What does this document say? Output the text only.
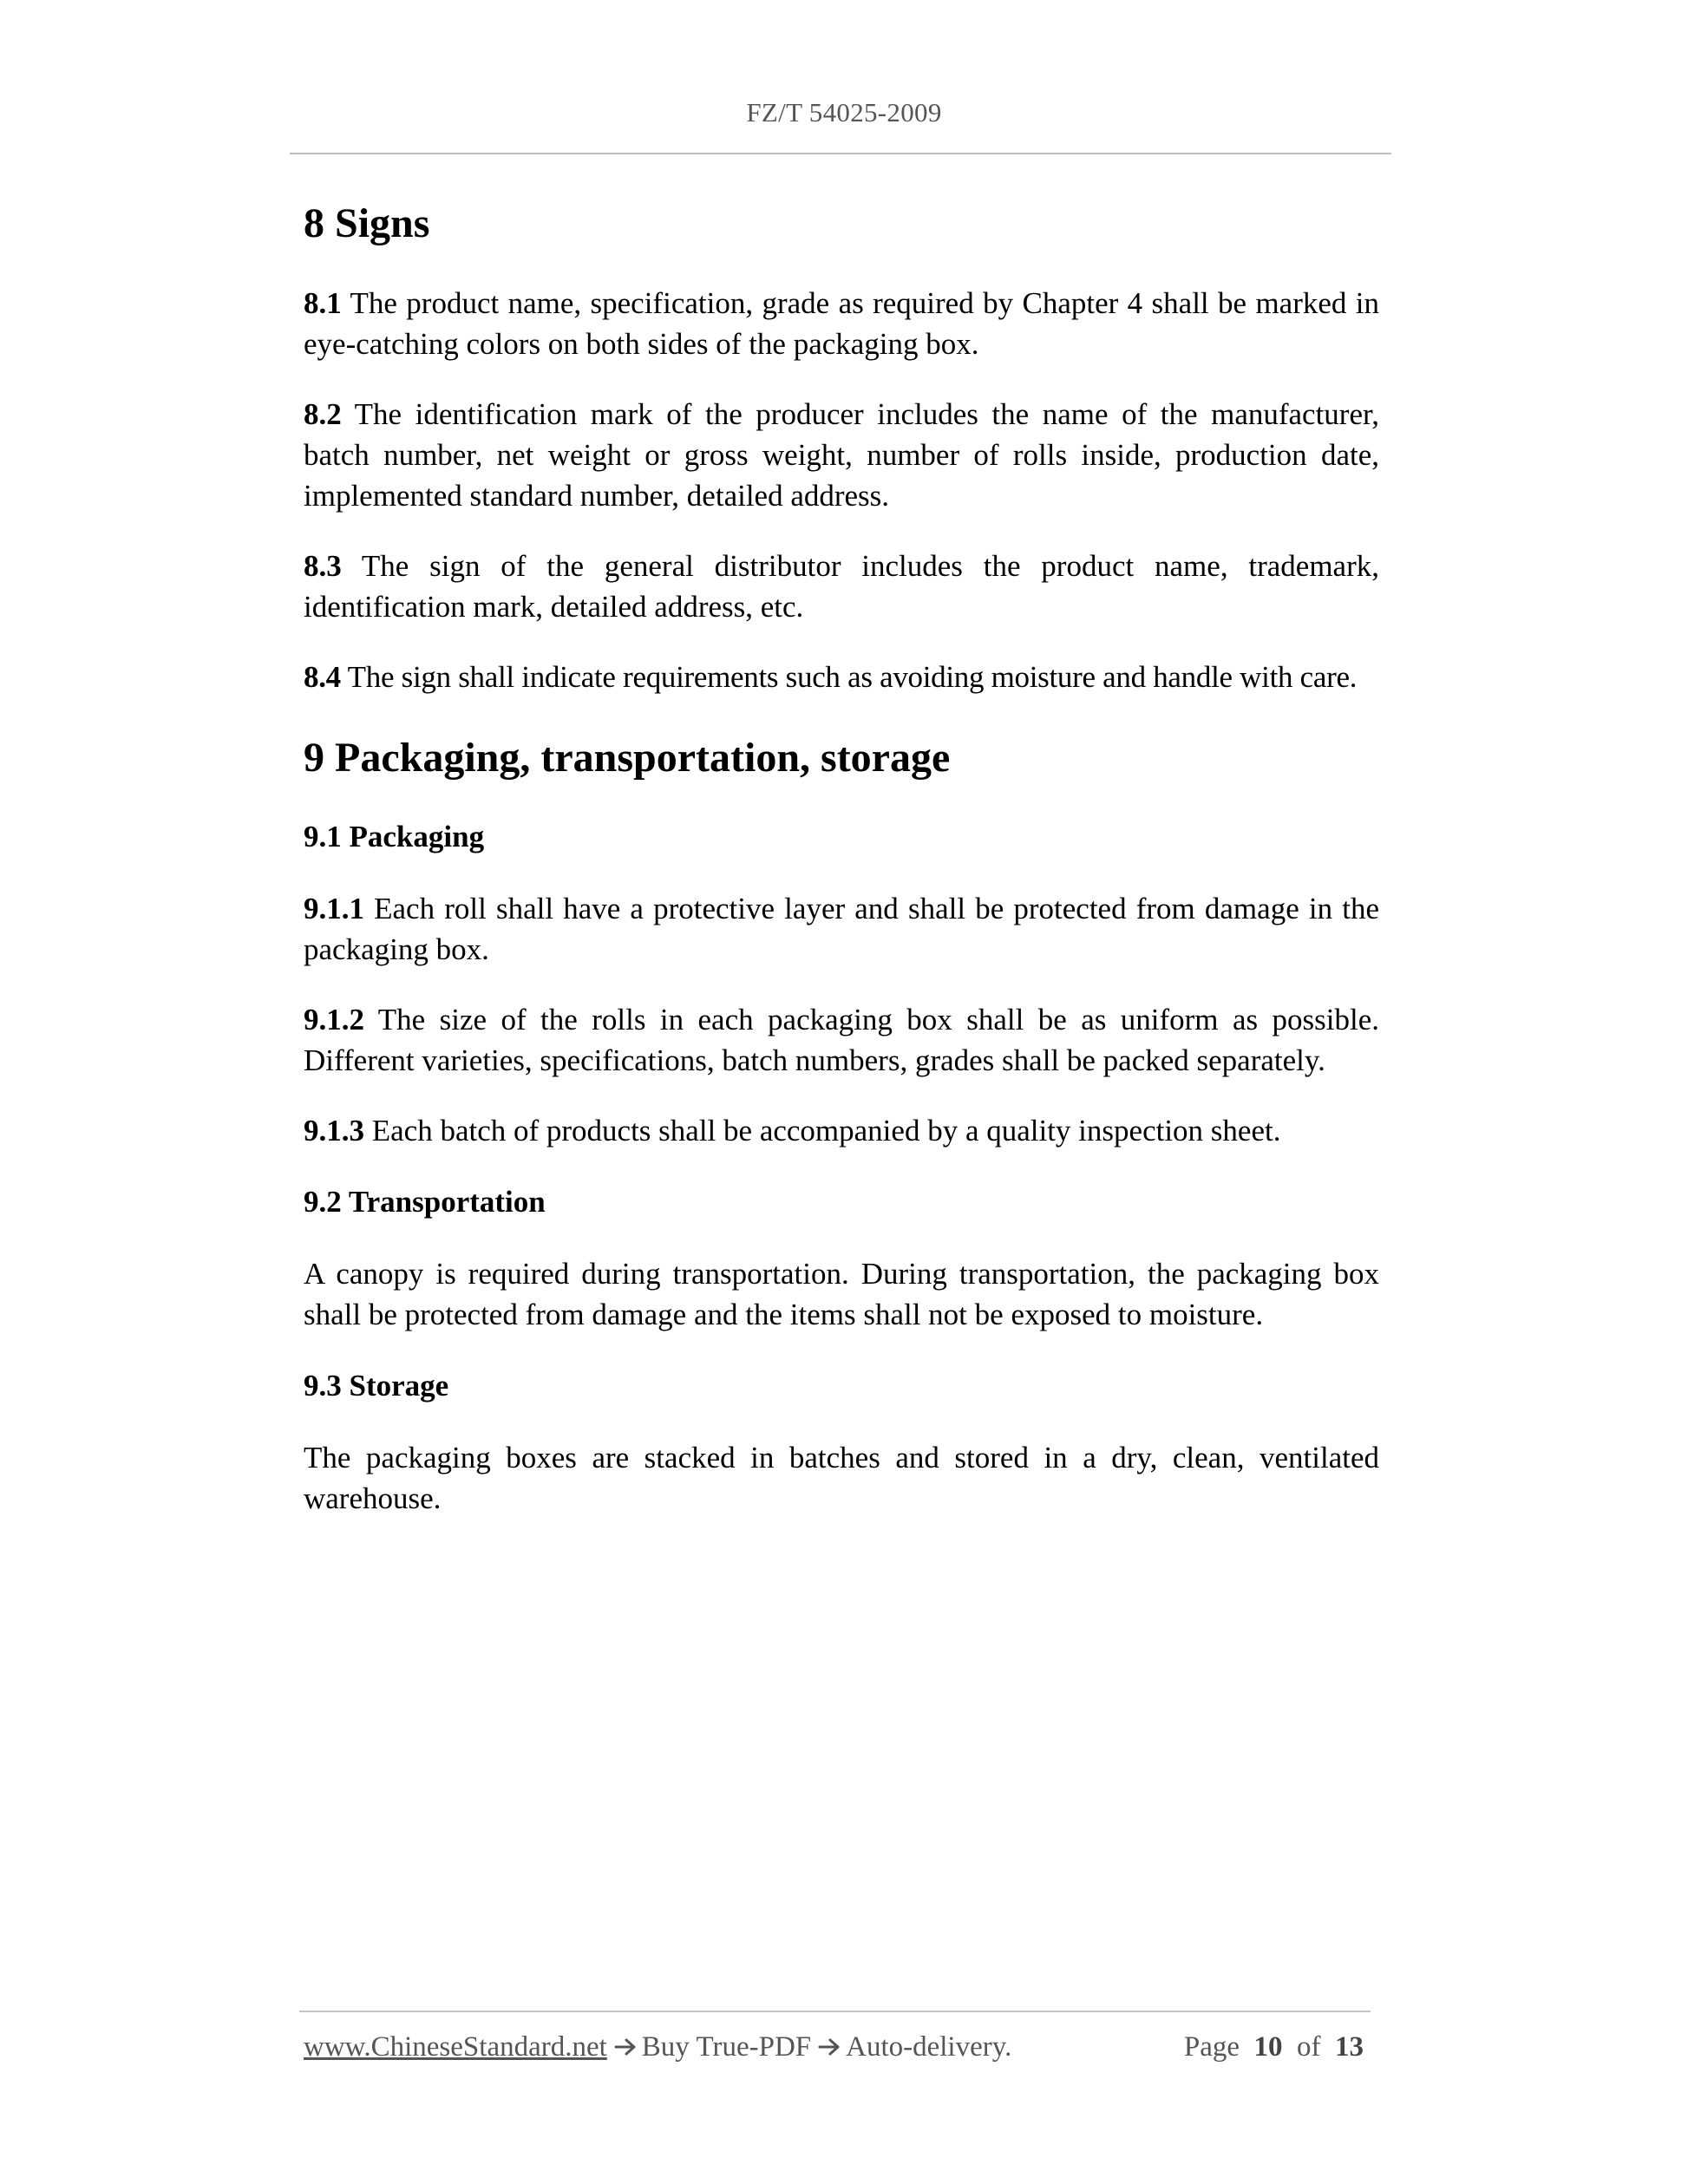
FZ/T 54025-2009
8 Signs

8.1 The product name, specification, grade as required by Chapter 4 shall be marked in eye-catching colors on both sides of the packaging box.

8.2 The identification mark of the producer includes the name of the manufacturer, batch number, net weight or gross weight, number of rolls inside, production date, implemented standard number, detailed address.

8.3 The sign of the general distributor includes the product name, trademark, identification mark, detailed address, etc.

8.4 The sign shall indicate requirements such as avoiding moisture and handle with care.

9 Packaging, transportation, storage
9.1 Packaging

9.1.1 Each roll shall have a protective layer and shall be protected from damage in the packaging box.

9.1.2 The size of the rolls in each packaging box shall be as uniform as possible. Different varieties, specifications, batch numbers, grades shall be packed separately.

9.1.3 Each batch of products shall be accompanied by a quality inspection sheet.

9.2 Transportation

A canopy is required during transportation. During transportation, the packaging box shall be protected from damage and the items shall not be exposed to moisture.

9.3 Storage

The packaging boxes are stacked in batches and stored in a dry, clean, ventilated warehouse.

www.ChineseStandard.net Buy True-PDF Auto-delivery.	Page 10 of 13
